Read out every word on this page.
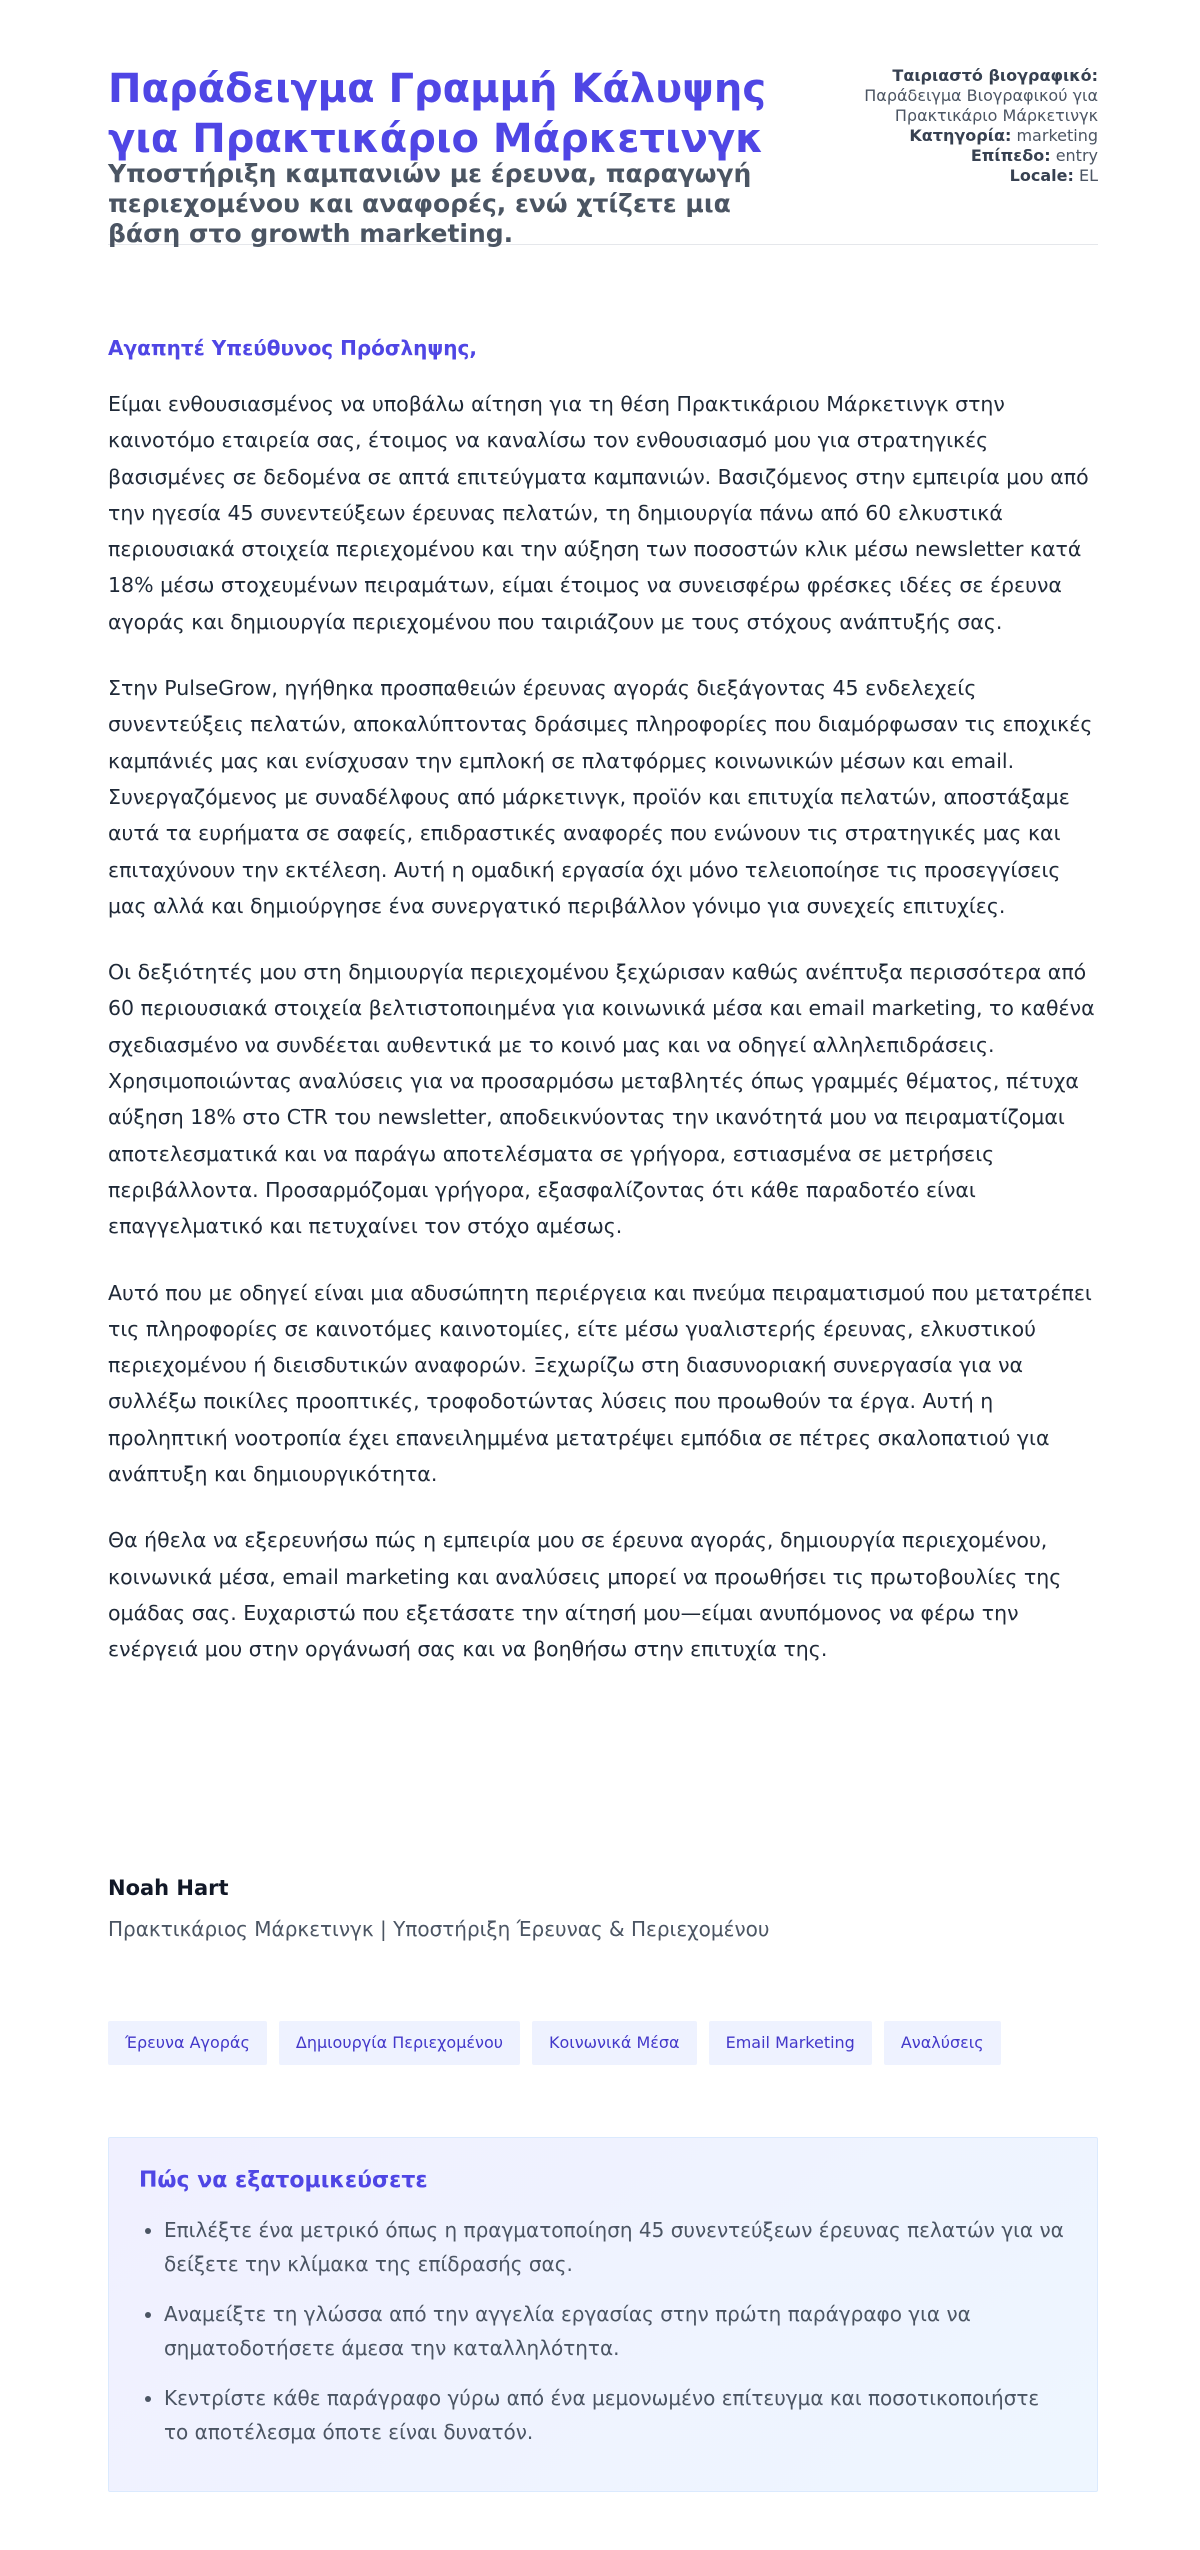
Παράδειγμα Γραμμή Κάλυψης για Πρακτικάριο Μάρκετινγκ
Υποστήριξη καμπανιών με έρευνα, παραγωγή περιεχομένου και αναφορές, ενώ χτίζετε μια βάση στο growth marketing.
Ταιριαστό βιογραφικό:
Παράδειγμα Βιογραφικού για Πρακτικάριο Μάρκετινγκ
Κατηγορία: marketing
Επίπεδο: entry
Locale: EL

Αγαπητέ Υπεύθυνος Πρόσληψης,

Είμαι ενθουσιασμένος να υποβάλω αίτηση για τη θέση Πρακτικάριου Μάρκετινγκ στην καινοτόμο εταιρεία σας, έτοιμος να καναλίσω τον ενθουσιασμό μου για στρατηγικές βασισμένες σε δεδομένα σε απτά επιτεύγματα καμπανιών. Βασιζόμενος στην εμπειρία μου από την ηγεσία 45 συνεντεύξεων έρευνας πελατών, τη δημιουργία πάνω από 60 ελκυστικά περιουσιακά στοιχεία περιεχομένου και την αύξηση των ποσοστών κλικ μέσω newsletter κατά 18% μέσω στοχευμένων πειραμάτων, είμαι έτοιμος να συνεισφέρω φρέσκες ιδέες σε έρευνα αγοράς και δημιουργία περιεχομένου που ταιριάζουν με τους στόχους ανάπτυξής σας.

Στην PulseGrow, ηγήθηκα προσπαθειών έρευνας αγοράς διεξάγοντας 45 ενδελεχείς συνεντεύξεις πελατών, αποκαλύπτοντας δράσιμες πληροφορίες που διαμόρφωσαν τις εποχικές καμπάνιές μας και ενίσχυσαν την εμπλοκή σε πλατφόρμες κοινωνικών μέσων και email. Συνεργαζόμενος με συναδέλφους από μάρκετινγκ, προϊόν και επιτυχία πελατών, αποστάξαμε αυτά τα ευρήματα σε σαφείς, επιδραστικές αναφορές που ενώνουν τις στρατηγικές μας και επιταχύνουν την εκτέλεση. Αυτή η ομαδική εργασία όχι μόνο τελειοποίησε τις προσεγγίσεις μας αλλά και δημιούργησε ένα συνεργατικό περιβάλλον γόνιμο για συνεχείς επιτυχίες.

Οι δεξιότητές μου στη δημιουργία περιεχομένου ξεχώρισαν καθώς ανέπτυξα περισσότερα από 60 περιουσιακά στοιχεία βελτιστοποιημένα για κοινωνικά μέσα και email marketing, το καθένα σχεδιασμένο να συνδέεται αυθεντικά με το κοινό μας και να οδηγεί αλληλεπιδράσεις. Χρησιμοποιώντας αναλύσεις για να προσαρμόσω μεταβλητές όπως γραμμές θέματος, πέτυχα αύξηση 18% στο CTR του newsletter, αποδεικνύοντας την ικανότητά μου να πειραματίζομαι αποτελεσματικά και να παράγω αποτελέσματα σε γρήγορα, εστιασμένα σε μετρήσεις περιβάλλοντα. Προσαρμόζομαι γρήγορα, εξασφαλίζοντας ότι κάθε παραδοτέο είναι επαγγελματικό και πετυχαίνει τον στόχο αμέσως.

Αυτό που με οδηγεί είναι μια αδυσώπητη περιέργεια και πνεύμα πειραματισμού που μετατρέπει τις πληροφορίες σε καινοτόμες καινοτομίες, είτε μέσω γυαλιστερής έρευνας, ελκυστικού περιεχομένου ή διεισδυτικών αναφορών. Ξεχωρίζω στη διασυνοριακή συνεργασία για να συλλέξω ποικίλες προοπτικές, τροφοδοτώντας λύσεις που προωθούν τα έργα. Αυτή η προληπτική νοοτροπία έχει επανειλημμένα μετατρέψει εμπόδια σε πέτρες σκαλοπατιού για ανάπτυξη και δημιουργικότητα.

Θα ήθελα να εξερευνήσω πώς η εμπειρία μου σε έρευνα αγοράς, δημιουργία περιεχομένου, κοινωνικά μέσα, email marketing και αναλύσεις μπορεί να προωθήσει τις πρωτοβουλίες της ομάδας σας. Ευχαριστώ που εξετάσατε την αίτησή μου—είμαι ανυπόμονος να φέρω την ενέργειά μου στην οργάνωσή σας και να βοηθήσω στην επιτυχία της.

Noah Hart

Πρακτικάριος Μάρκετινγκ | Υποστήριξη Έρευνας & Περιεχομένου

Έρευνα Αγοράς	Δημιουργία Περιεχομένου	Κοινωνικά Μέσα	Email Marketing	Αναλύσεις
Πώς να εξατομικεύσετε
• Επιλέξτε ένα μετρικό όπως η πραγματοποίηση 45 συνεντεύξεων έρευνας πελατών για να δείξετε την κλίμακα της επίδρασής σας.
• Αναμείξτε τη γλώσσα από την αγγελία εργασίας στην πρώτη παράγραφο για να σηματοδοτήσετε άμεσα την καταλληλότητα.
• Κεντρίστε κάθε παράγραφο γύρω από ένα μεμονωμένο επίτευγμα και ποσοτικοποιήστε το αποτέλεσμα όποτε είναι δυνατόν.
